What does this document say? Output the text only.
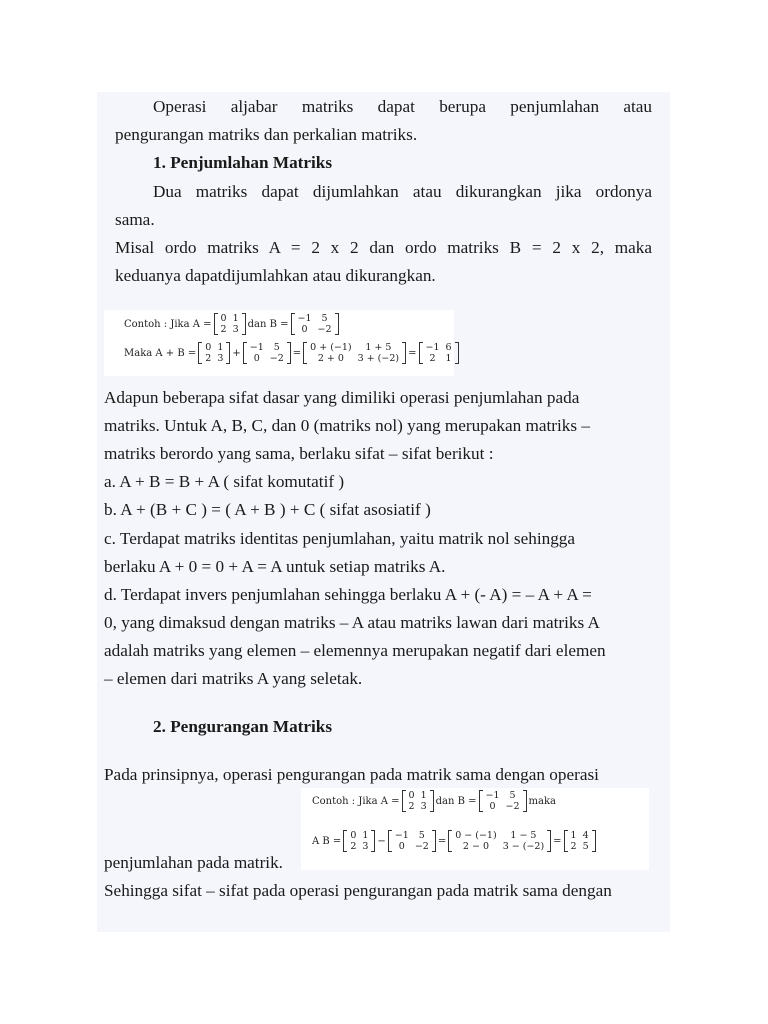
Operasi aljabar matriks dapat berupa penjumlahan atau
pengurangan matriks dan perkalian matriks.
1. Penjumlahan Matriks
Dua matriks dapat dijumlahkan atau dikurangkan jika ordonya
sama.
Misal ordo matriks A = 2 x 2 dan ordo matriks B = 2 x 2, maka
keduanya dapatdijumlahkan atau dikurangkan.
Contoh : Jika A = 0	1
2	3 dan B = −1	5
0	−2
Maka A + B = 0	1
2	3 + −1	5
0	−2 = 0 + (−1)	1 + 5
2 + 0	3 + (−2) = −1	6
2	1
Adapun beberapa sifat dasar yang dimiliki operasi penjumlahan pada
matriks. Untuk A, B, C, dan 0 (matriks nol) yang merupakan matriks –
matriks berordo yang sama, berlaku sifat – sifat berikut :
a. A + B = B + A ( sifat komutatif )
b. A + (B + C ) = ( A + B ) + C ( sifat asosiatif )
c. Terdapat matriks identitas penjumlahan, yaitu matrik nol sehingga
berlaku A + 0 = 0 + A = A untuk setiap matriks A.
d. Terdapat invers penjumlahan sehingga berlaku A + (- A) = – A + A =
0, yang dimaksud dengan matriks – A atau matriks lawan dari matriks A
adalah matriks yang elemen – elemennya merupakan negatif dari elemen
– elemen dari matriks A yang seletak.
2. Pengurangan Matriks
Pada prinsipnya, operasi pengurangan pada matrik sama dengan operasi
Contoh : Jika A = 0	1
2	3 dan B = −1	5
0	−2 maka
A B = 0	1
2	3 − −1	5
0	−2 = 0 − (−1)	1 − 5
2 − 0	3 − (−2) = 1	4
2	5
penjumlahan pada matrik.
Sehingga sifat – sifat pada operasi pengurangan pada matrik sama dengan
